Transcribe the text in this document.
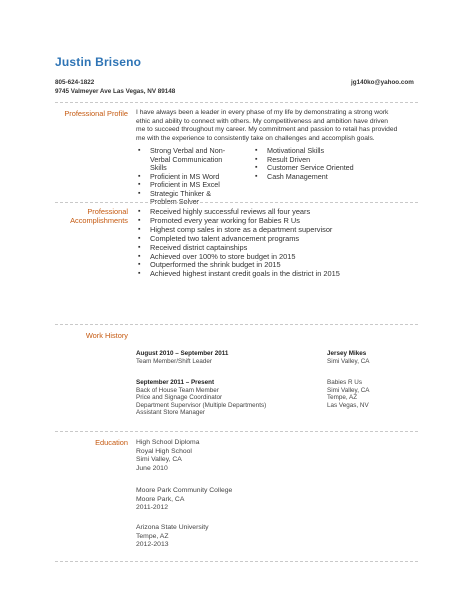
Justin Briseno
805-624-1822
9745 Valmeyer Ave Las Vegas, NV 89148
jg140ko@yahoo.com
Professional Profile I have always been a leader in every phase of my life by demonstrating a strong work
ethic and ability to connect with others. My competitiveness and ambition have driven
me to succeed throughout my career. My commitment and passion to retail has provided
me with the experience to consistently take on challenges and accomplish goals.
▪ Strong Verbal and Non-
Verbal Communication
Skills
▪ Proficient in MS Word
▪ Proficient in MS Excel
▪ Strategic Thinker &
Problem Solver
▪ Motivational Skills
▪ Result Driven
▪ Customer Service Oriented
▪ Cash Management
Professional
Accomplishments
▪ Received highly successful reviews all four years
▪ Promoted every year working for Babies R Us
▪ Highest comp sales in store as a department supervisor
▪ Completed two talent advancement programs
▪ Received district captainships
▪ Achieved over 100% to store budget in 2015
▪ Outperformed the shrink budget in 2015
▪ Achieved highest instant credit goals in the district in 2015
Work History
August 2010 – September 2011
Team Member/Shift Leader
Jersey Mikes
Simi Valley, CA
September 2011 – Present
Back of House Team Member
Price and Signage Coordinator
Department Supervisor (Multiple Departments)
Assistant Store Manager
Babies R Us
Simi Valley, CA
Tempe, AZ
Las Vegas, NV
Education High School Diploma
Royal High School
Simi Valley, CA
June 2010
Moore Park Community College
Moore Park, CA
2011-2012
Arizona State University
Tempe, AZ
2012-2013
